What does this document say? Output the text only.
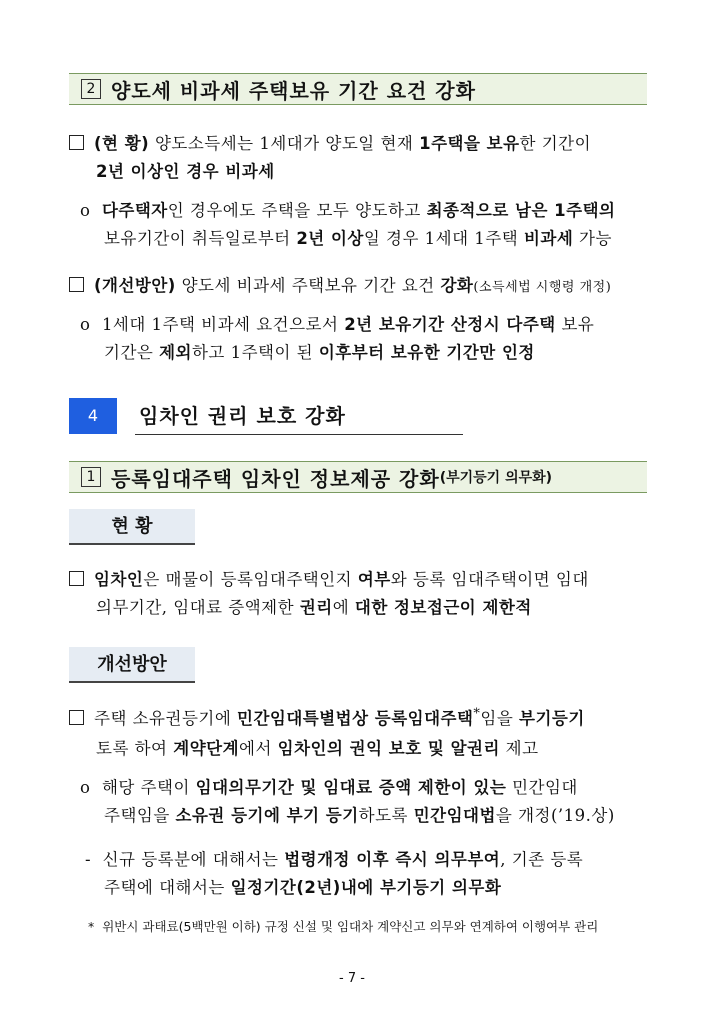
2 양도세 비과세 주택보유 기간 요건 강화
(현 황) 양도소득세는 1세대가 양도일 현재 1주택을 보유한 기간이
2년 이상인 경우 비과세
o 다주택자인 경우에도 주택을 모두 양도하고 최종적으로 남은 1주택의
보유기간이 취득일로부터 2년 이상일 경우 1세대 1주택 비과세 가능
(개선방안) 양도세 비과세 주택보유 기간 요건 강화(소득세법 시행령 개정)
o 1세대 1주택 비과세 요건으로서 2년 보유기간 산정시 다주택 보유
기간은 제외하고 1주택이 된 이후부터 보유한 기간만 인정
4	임차인 권리 보호 강화
1 등록임대주택 임차인 정보제공 강화 (부기등기 의무화)
현 황
임차인은 매물이 등록임대주택인지 여부와 등록 임대주택이면 임대
의무기간, 임대료 증액제한 권리에 대한 정보접근이 제한적
개선방안
주택 소유권등기에 민간임대특별법상 등록임대주택*임을 부기등기
토록 하여 계약단계에서 임차인의 권익 보호 및 알권리 제고
o 해당 주택이 임대의무기간 및 임대료 증액 제한이 있는 민간임대
주택임을 소유권 등기에 부기 등기하도록 민간임대법을 개정(’19.상)
- 신규 등록분에 대해서는 법령개정 이후 즉시 의무부여, 기존 등록
주택에 대해서는 일정기간(2년)내에 부기등기 의무화
* 위반시 과태료(5백만원 이하) 규정 신설 및 임대차 계약신고 의무와 연계하여 이행여부 관리
- 7 -
